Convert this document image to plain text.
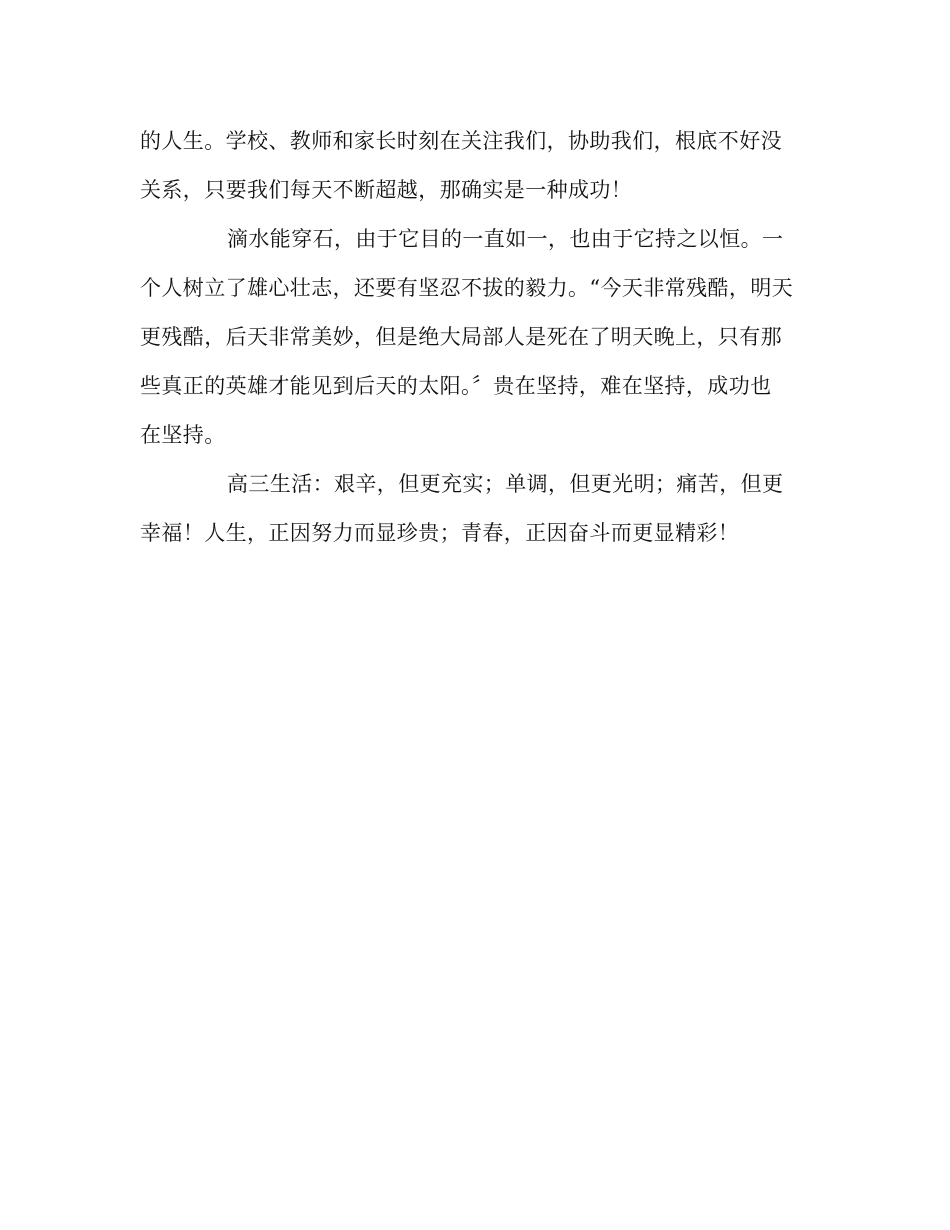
的人生。学校、教师和家长时刻在关注我们，协助我们，根底不好没
关系，只要我们每天不断超越，那确实是一种成功！
滴水能穿石，由于它目的一直如一，也由于它持之以恒。一
个人树立了雄心壮志，还要有坚忍不拔的毅力。“今天非常残酷，明天
更残酷，后天非常美妙，但是绝大局部人是死在了明天晚上，只有那
些真正的英雄才能见到后天的太阳。〞贵在坚持，难在坚持，成功也
在坚持。
高三生活：艰辛，但更充实；单调，但更光明；痛苦，但更
幸福！人生，正因努力而显珍贵；青春，正因奋斗而更显精彩！
